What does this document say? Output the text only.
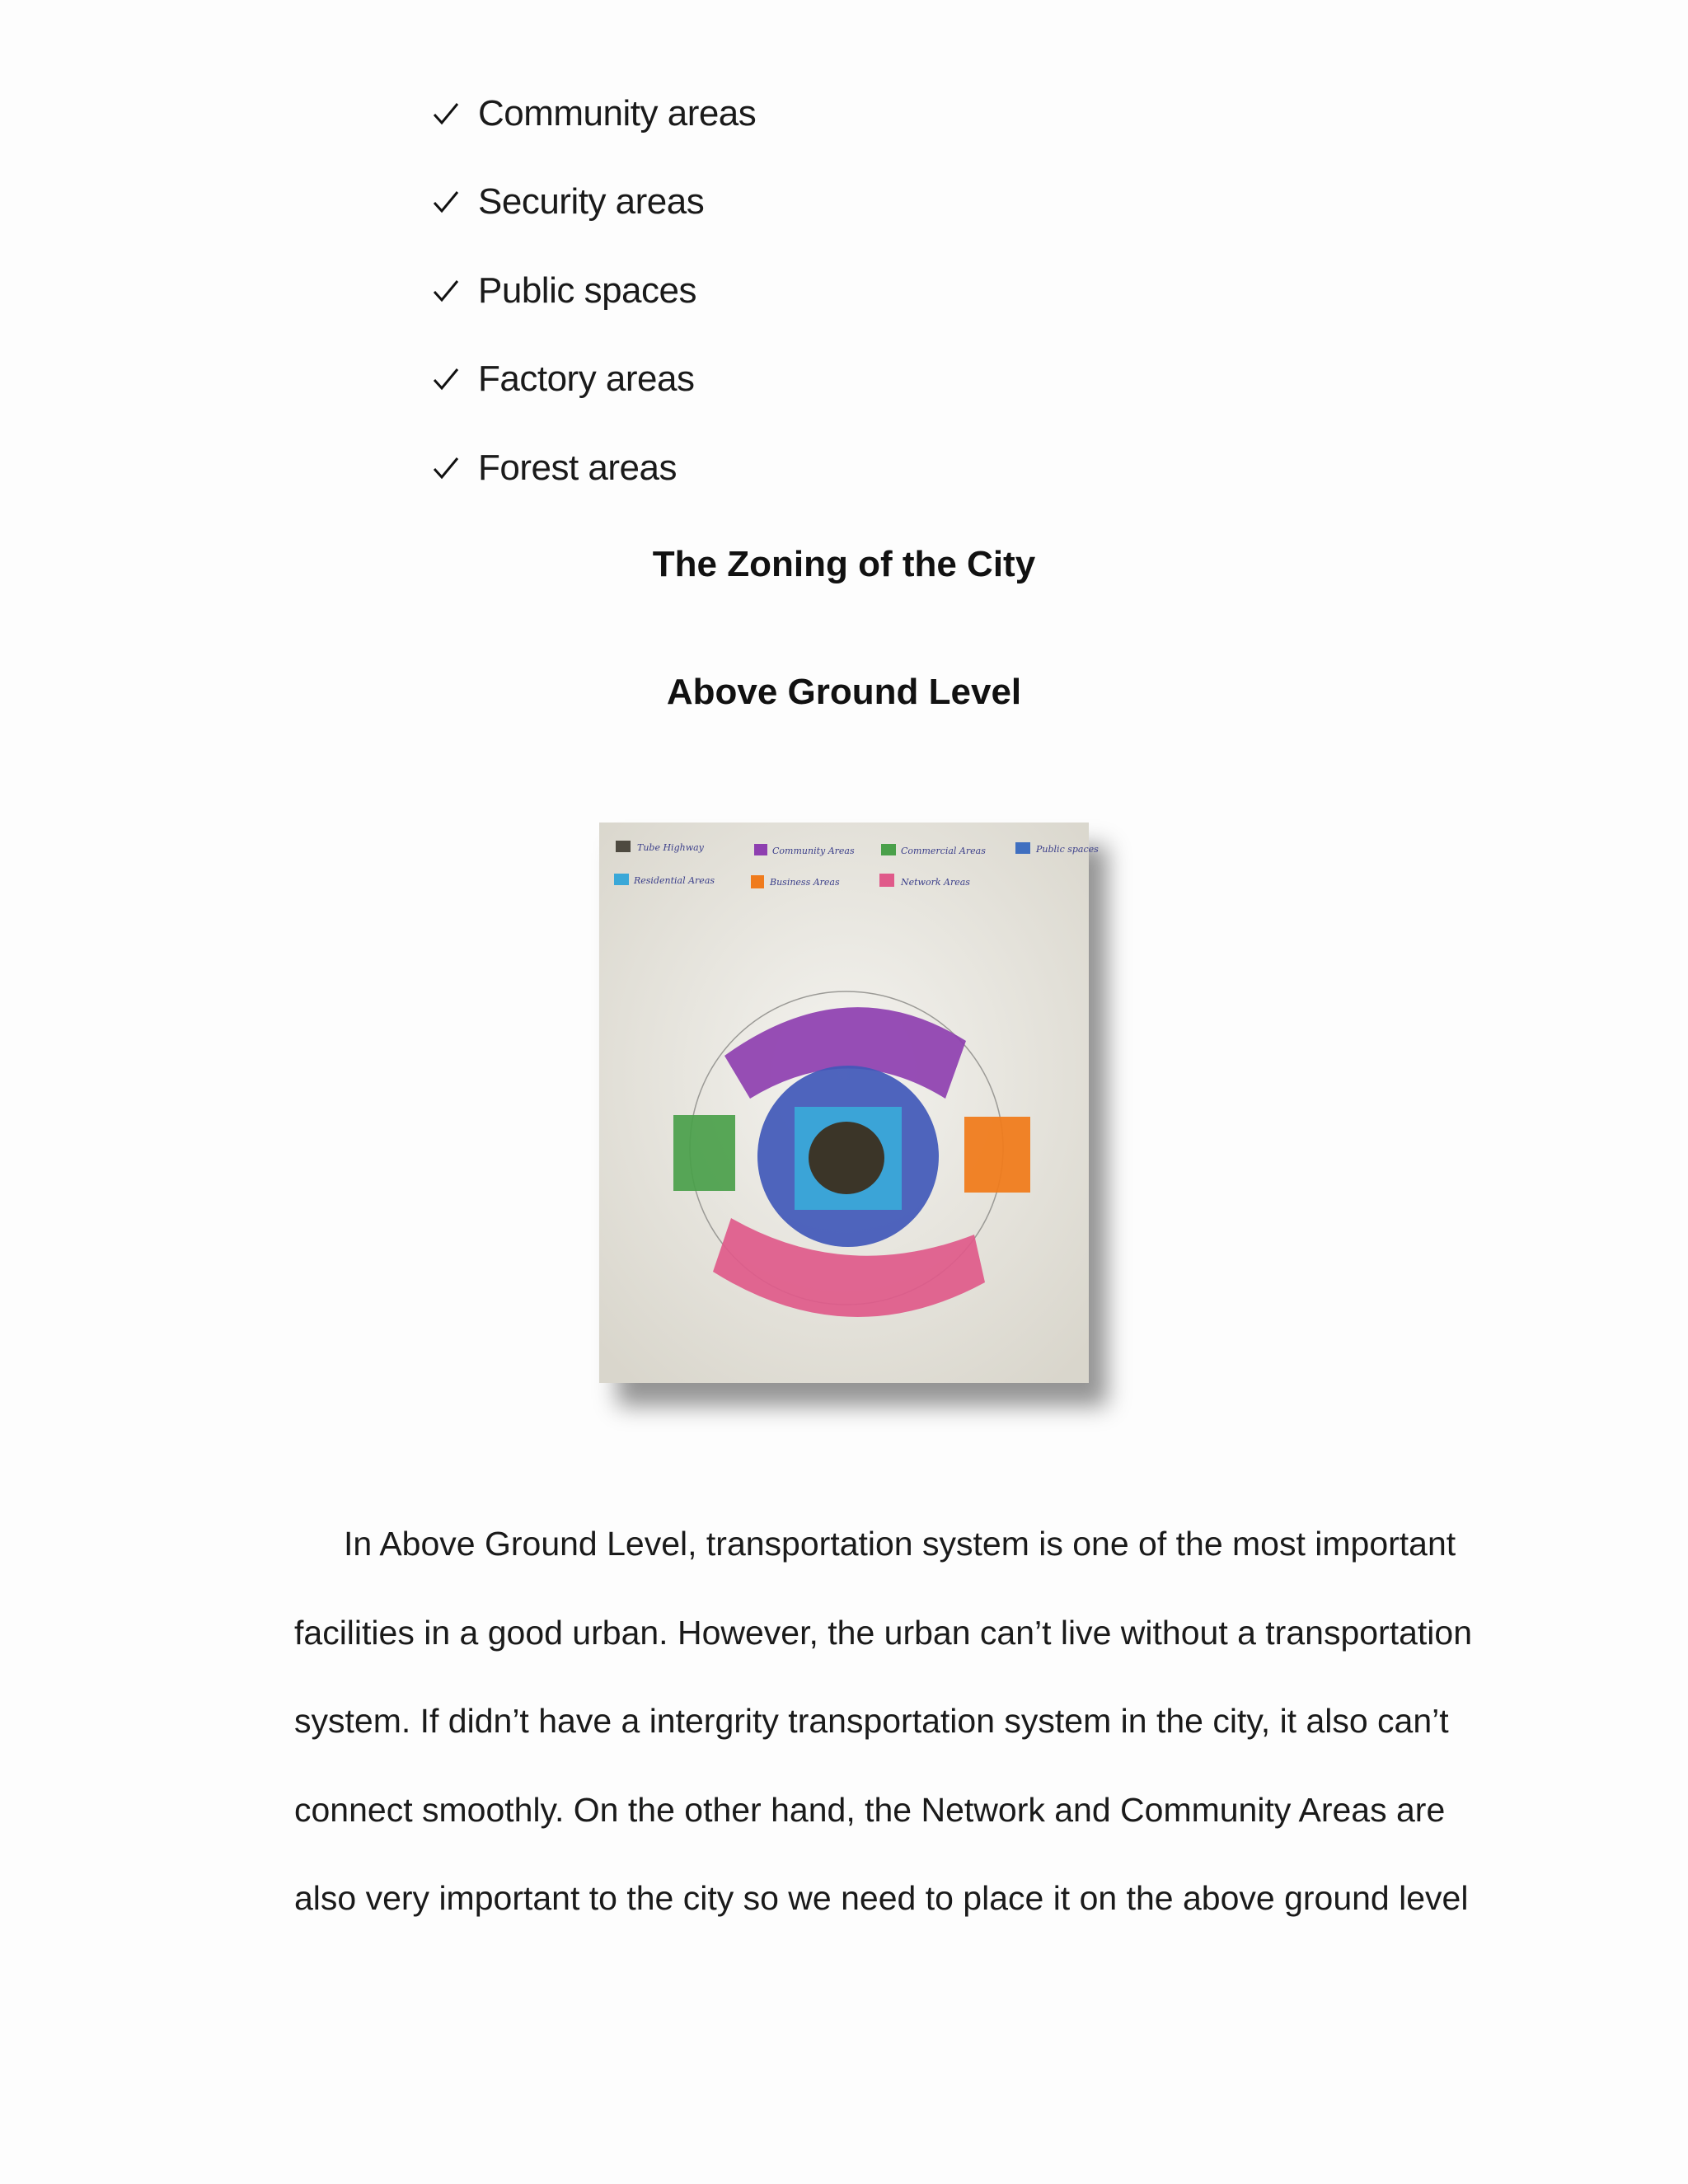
Community areas
Security areas
Public spaces
Factory areas
Forest areas
The Zoning of the City
Above Ground Level
Tube Highway	Community Areas	Commercial Areas	Public spaces
Residential Areas	Business Areas	Network Areas
In Above Ground Level, transportation system is one of the most important
facilities in a good urban. However, the urban can’t live without a transportation
system. If didn’t have a intergrity transportation system in the city, it also can’t
connect smoothly. On the other hand, the Network and Community Areas are
also very important to the city so we need to place it on the above ground level
